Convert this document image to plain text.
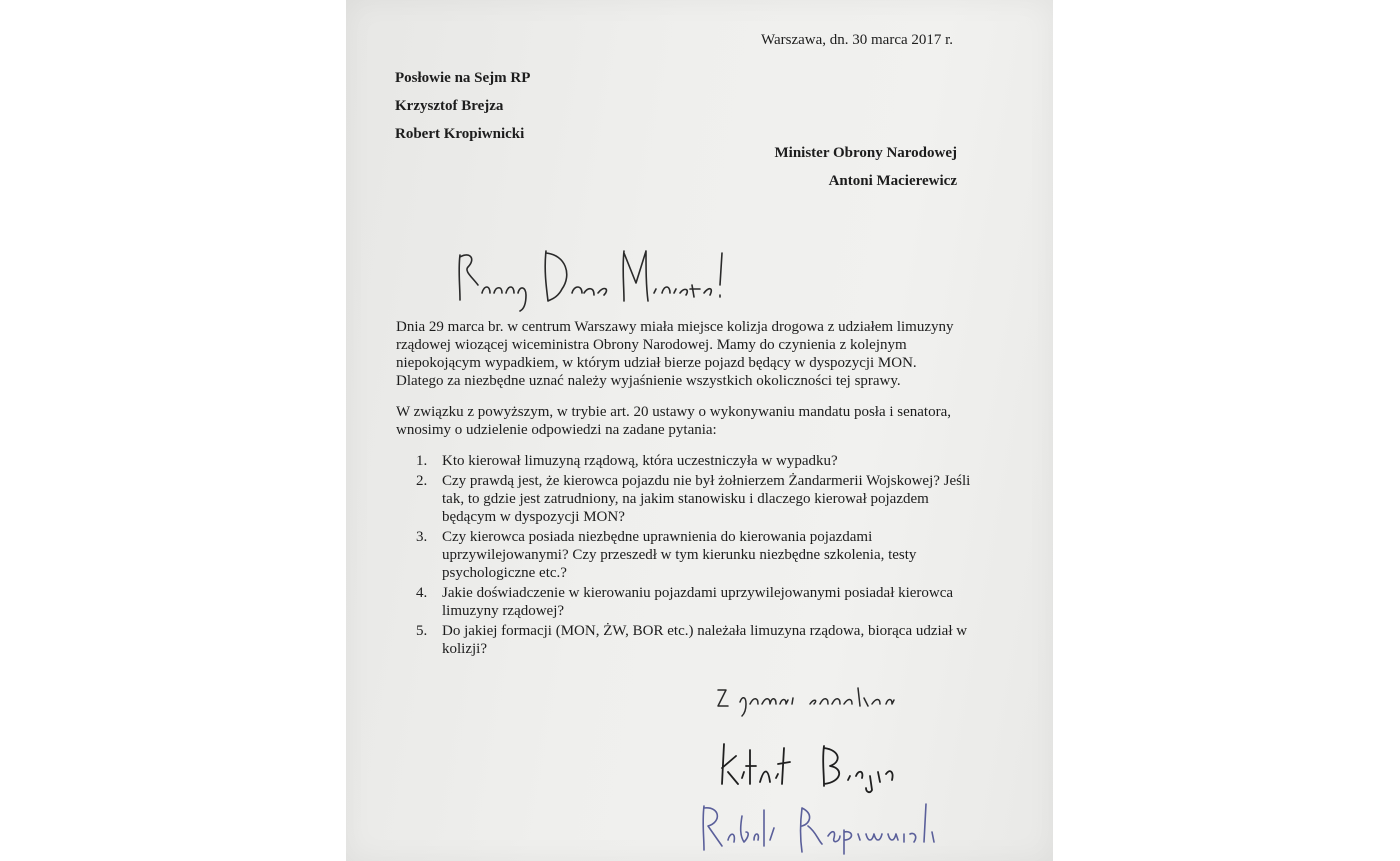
Warszawa, dn. 30 marca 2017 r.

Posłowie na Sejm RP

Krzysztof Brejza

Robert Kropiwnicki

Minister Obrony Narodowej

Antoni Macierewicz

Dnia 29 marca br. w centrum Warszawy miała miejsce kolizja drogowa z udziałem limuzyny rządowej wiozącej wiceministra Obrony Narodowej. Mamy do czynienia z kolejnym niepokojącym wypadkiem, w którym udział bierze pojazd będący w dyspozycji MON. Dlatego za niezbędne uznać należy wyjaśnienie wszystkich okoliczności tej sprawy.

W związku z powyższym, w trybie art. 20 ustawy o wykonywaniu mandatu posła i senatora, wnosimy o udzielenie odpowiedzi na zadane pytania:

1. Kto kierował limuzyną rządową, która uczestniczyła w wypadku?
2. Czy prawdą jest, że kierowca pojazdu nie był żołnierzem Żandarmerii Wojskowej? Jeśli tak, to gdzie jest zatrudniony, na jakim stanowisku i dlaczego kierował pojazdem będącym w dyspozycji MON?
3. Czy kierowca posiada niezbędne uprawnienia do kierowania pojazdami uprzywilejowanymi? Czy przeszedł w tym kierunku niezbędne szkolenia, testy psychologiczne etc.?
4. Jakie doświadczenie w kierowaniu pojazdami uprzywilejowanymi posiadał kierowca limuzyny rządowej?
5. Do jakiej formacji (MON, ŻW, BOR etc.) należała limuzyna rządowa, biorąca udział w kolizji?
